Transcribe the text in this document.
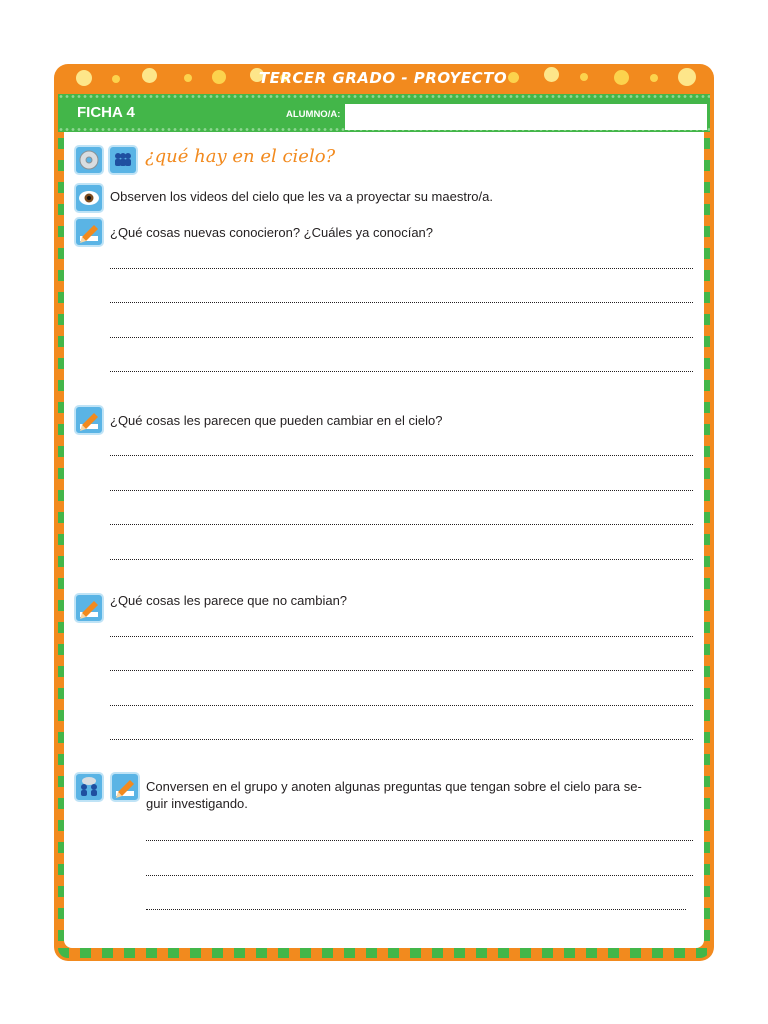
TERCER GRADO - PROYECTO
FICHA 4	ALUMNO/A:
¿qué hay en el cielo?
Observen los videos del cielo que les va a proyectar su maestro/a.
¿Qué cosas nuevas conocieron? ¿Cuáles ya conocían?
¿Qué cosas les parecen que pueden cambiar en el cielo?
¿Qué cosas les parece que no cambian?
Conversen en el grupo y anoten algunas preguntas que tengan sobre el cielo para se-
guir investigando.
